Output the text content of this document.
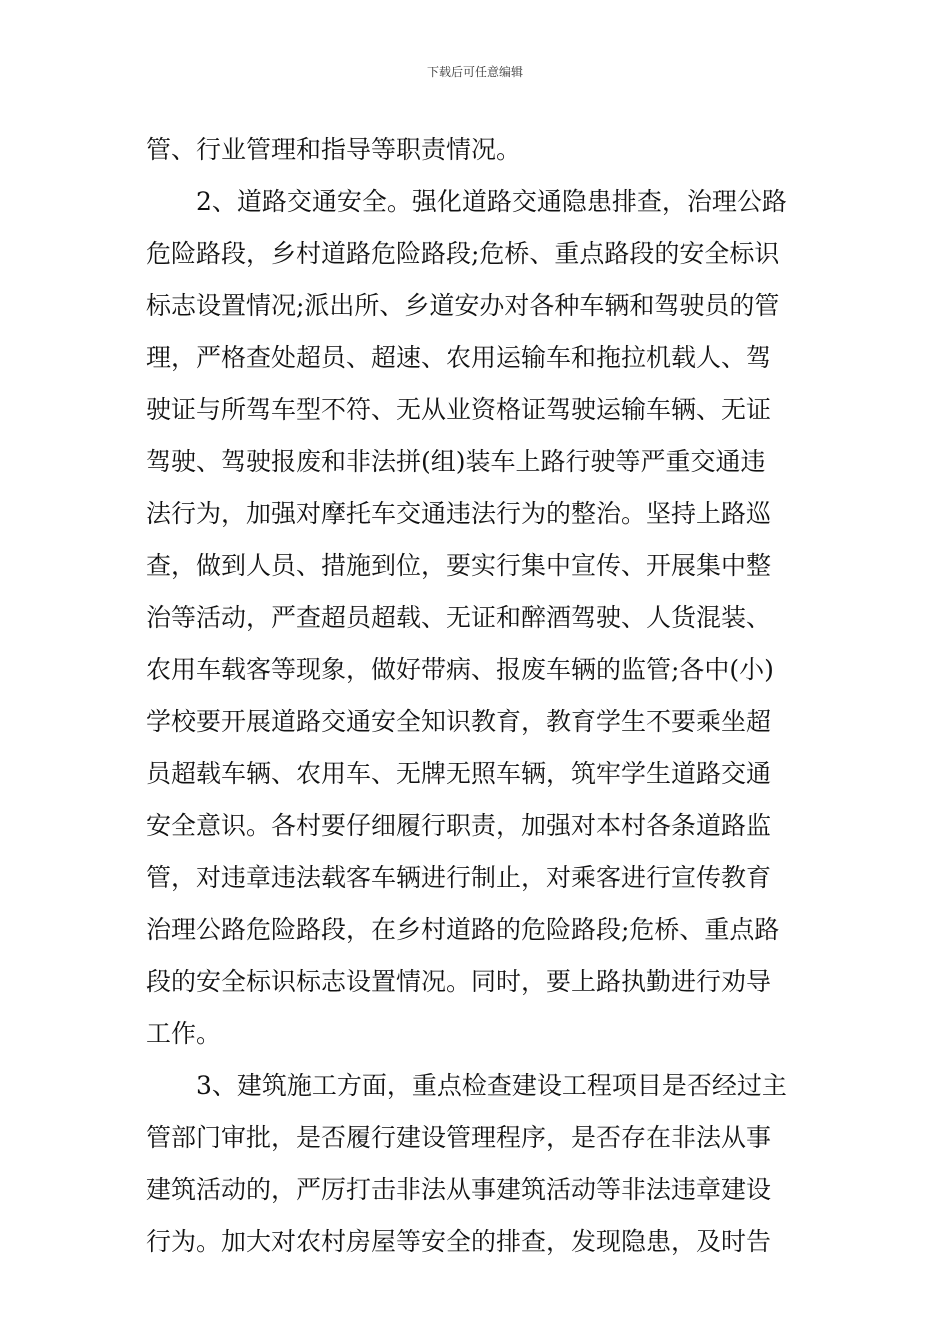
下载后可任意编辑
管、行业管理和指导等职责情况。
2、道路交通安全。强化道路交通隐患排查，治理公路
危险路段，乡村道路危险路段;危桥、重点路段的安全标识
标志设置情况;派出所、乡道安办对各种车辆和驾驶员的管
理，严格查处超员、超速、农用运输车和拖拉机载人、驾
驶证与所驾车型不符、无从业资格证驾驶运输车辆、无证
驾驶、驾驶报废和非法拼(组)装车上路行驶等严重交通违
法行为，加强对摩托车交通违法行为的整治。坚持上路巡
查，做到人员、措施到位，要实行集中宣传、开展集中整
治等活动，严查超员超载、无证和醉酒驾驶、人货混装、
农用车载客等现象，做好带病、报废车辆的监管;各中(小)
学校要开展道路交通安全知识教育，教育学生不要乘坐超
员超载车辆、农用车、无牌无照车辆，筑牢学生道路交通
安全意识。各村要仔细履行职责，加强对本村各条道路监
管，对违章违法载客车辆进行制止，对乘客进行宣传教育
治理公路危险路段，在乡村道路的危险路段;危桥、重点路
段的安全标识标志设置情况。同时，要上路执勤进行劝导
工作。
3、建筑施工方面，重点检查建设工程项目是否经过主
管部门审批，是否履行建设管理程序，是否存在非法从事
建筑活动的，严厉打击非法从事建筑活动等非法违章建设
行为。加大对农村房屋等安全的排查，发现隐患，及时告
